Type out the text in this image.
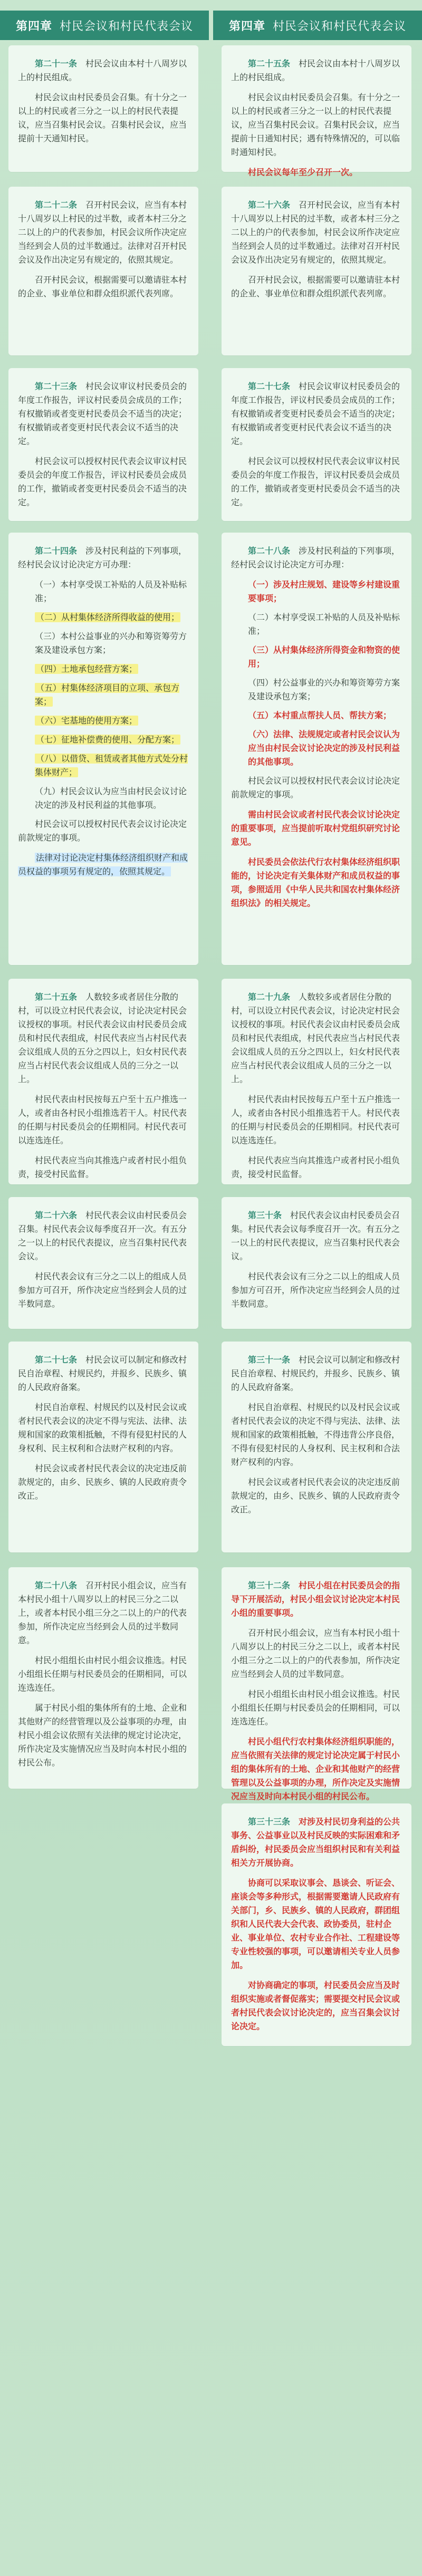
第四章 村民会议和村民代表会议	第四章 村民会议和村民代表会议

第二十一条　 村民会议由本村十八周岁以上的村民组成。

村民会议由村民委员会召集。有十分之一以上的村民或者三分之一以上的村民代表提议，应当召集村民会议。召集村民会议，应当提前十天通知村民。

第二十二条　 召开村民会议，应当有本村十八周岁以上村民的过半数，或者本村三分之二以上的户的代表参加，村民会议所作决定应当经到会人员的过半数通过。法律对召开村民会议及作出决定另有规定的，依照其规定。

召开村民会议，根据需要可以邀请驻本村的企业、事业单位和群众组织派代表列席。

第二十三条　 村民会议审议村民委员会的年度工作报告，评议村民委员会成员的工作；有权撤销或者变更村民委员会不适当的决定；有权撤销或者变更村民代表会议不适当的决定。

村民会议可以授权村民代表会议审议村民委员会的年度工作报告，评议村民委员会成员的工作，撤销或者变更村民委员会不适当的决定。

第二十四条　 涉及村民利益的下列事项，经村民会议讨论决定方可办理：

（一）本村享受误工补贴的人员及补贴标准；

（二）从村集体经济所得收益的使用；

（三）本村公益事业的兴办和筹资筹劳方案及建设承包方案；

（四）土地承包经营方案；

（五）村集体经济项目的立项、承包方案；

（六）宅基地的使用方案；

（七）征地补偿费的使用、分配方案；

（八）以借贷、租赁或者其他方式处分村集体财产；

（九）村民会议认为应当由村民会议讨论决定的涉及村民利益的其他事项。

村民会议可以授权村民代表会议讨论决定前款规定的事项。

法律对讨论决定村集体经济组织财产和成员权益的事项另有规定的，依照其规定。

第二十五条　 人数较多或者居住分散的村，可以设立村民代表会议，讨论决定村民会议授权的事项。村民代表会议由村民委员会成员和村民代表组成，村民代表应当占村民代表会议组成人员的五分之四以上，妇女村民代表应当占村民代表会议组成人员的三分之一以上。

村民代表由村民按每五户至十五户推选一人，或者由各村民小组推选若干人。村民代表的任期与村民委员会的任期相同。村民代表可以连选连任。

村民代表应当向其推选户或者村民小组负责，接受村民监督。

第二十六条　 村民代表会议由村民委员会召集。村民代表会议每季度召开一次。有五分之一以上的村民代表提议，应当召集村民代表会议。

村民代表会议有三分之二以上的组成人员参加方可召开，所作决定应当经到会人员的过半数同意。

第二十七条　 村民会议可以制定和修改村民自治章程、村规民约，并报乡、民族乡、镇的人民政府备案。

村民自治章程、村规民约以及村民会议或者村民代表会议的决定不得与宪法、法律、法规和国家的政策相抵触，不得有侵犯村民的人身权利、民主权利和合法财产权利的内容。

村民会议或者村民代表会议的决定违反前款规定的，由乡、民族乡、镇的人民政府责令改正。

第二十八条　 召开村民小组会议，应当有本村民小组十八周岁以上的村民三分之二以上，或者本村民小组三分之二以上的户的代表参加，所作决定应当经到会人员的过半数同意。

村民小组组长由村民小组会议推选。村民小组组长任期与村民委员会的任期相同，可以连选连任。

属于村民小组的集体所有的土地、企业和其他财产的经营管理以及公益事项的办理，由村民小组会议依照有关法律的规定讨论决定，所作决定及实施情况应当及时向本村民小组的村民公布。

第二十五条　 村民会议由本村十八周岁以上的村民组成。

村民会议由村民委员会召集。有十分之一以上的村民或者三分之一以上的村民代表提议，应当召集村民会议。召集村民会议，应当提前十日通知村民；遇有特殊情况的，可以临时通知村民。

村民会议每年至少召开一次。

第二十六条　 召开村民会议，应当有本村十八周岁以上村民的过半数，或者本村三分之二以上的户的代表参加，村民会议所作决定应当经到会人员的过半数通过。法律对召开村民会议及作出决定另有规定的，依照其规定。

召开村民会议，根据需要可以邀请驻本村的企业、事业单位和群众组织派代表列席。

第二十七条　 村民会议审议村民委员会的年度工作报告，评议村民委员会成员的工作；有权撤销或者变更村民委员会不适当的决定；有权撤销或者变更村民代表会议不适当的决定。

村民会议可以授权村民代表会议审议村民委员会的年度工作报告，评议村民委员会成员的工作，撤销或者变更村民委员会不适当的决定。

第二十八条　 涉及村民利益的下列事项，经村民会议讨论决定方可办理：

（一）涉及村庄规划、建设等乡村建设重要事项；

（二）本村享受误工补贴的人员及补贴标准；

（三）从村集体经济所得资金和物资的使用；

（四）村公益事业的兴办和筹资筹劳方案及建设承包方案；

（五）本村重点帮扶人员、帮扶方案；

（六）法律、法规规定或者村民会议认为应当由村民会议讨论决定的涉及村民利益的其他事项。

村民会议可以授权村民代表会议讨论决定前款规定的事项。

需由村民会议或者村民代表会议讨论决定的重要事项，应当提前听取村党组织研究讨论意见。

村民委员会依法代行农村集体经济组织职能的，讨论决定有关集体财产和成员权益的事项，参照适用《中华人民共和国农村集体经济组织法》的相关规定。

第二十九条　 人数较多或者居住分散的村，可以设立村民代表会议，讨论决定村民会议授权的事项。村民代表会议由村民委员会成员和村民代表组成，村民代表应当占村民代表会议组成人员的五分之四以上，妇女村民代表应当占村民代表会议组成人员的三分之一以上。

村民代表由村民按每五户至十五户推选一人，或者由各村民小组推选若干人。村民代表的任期与村民委员会的任期相同。村民代表可以连选连任。

村民代表应当向其推选户或者村民小组负责，接受村民监督。

第三十条　 村民代表会议由村民委员会召集。村民代表会议每季度召开一次。有五分之一以上的村民代表提议，应当召集村民代表会议。

村民代表会议有三分之二以上的组成人员参加方可召开，所作决定应当经到会人员的过半数同意。

第三十一条　 村民会议可以制定和修改村民自治章程、村规民约，并报乡、民族乡、镇的人民政府备案。

村民自治章程、村规民约以及村民会议或者村民代表会议的决定不得与宪法、法律、法规和国家的政策相抵触，不得违背公序良俗，不得有侵犯村民的人身权利、民主权利和合法财产权利的内容。

村民会议或者村民代表会议的决定违反前款规定的，由乡、民族乡、镇的人民政府责令改正。

第三十二条　 村民小组在村民委员会的指导下开展活动，村民小组会议讨论决定本村民小组的重要事项。

召开村民小组会议，应当有本村民小组十八周岁以上的村民三分之二以上，或者本村民小组三分之二以上的户的代表参加，所作决定应当经到会人员的过半数同意。

村民小组组长由村民小组会议推选。村民小组组长任期与村民委员会的任期相同，可以连选连任。

村民小组代行农村集体经济组织职能的，应当依照有关法律的规定讨论决定属于村民小组的集体所有的土地、企业和其他财产的经营管理以及公益事项的办理，所作决定及实施情况应当及时向本村民小组的村民公布。

第三十三条　 对涉及村民切身利益的公共事务、公益事业以及村民反映的实际困难和矛盾纠纷，村民委员会应当组织村民和有关利益相关方开展协商。

协商可以采取议事会、恳谈会、听证会、座谈会等多种形式，根据需要邀请人民政府有关部门，乡、民族乡、镇的人民政府，群团组织和人民代表大会代表、政协委员，驻村企业、事业单位、农村专业合作社、工程建设等专业性较强的事项，可以邀请相关专业人员参加。

对协商确定的事项，村民委员会应当及时组织实施或者督促落实；需要提交村民会议或者村民代表会议讨论决定的，应当召集会议讨论决定。
